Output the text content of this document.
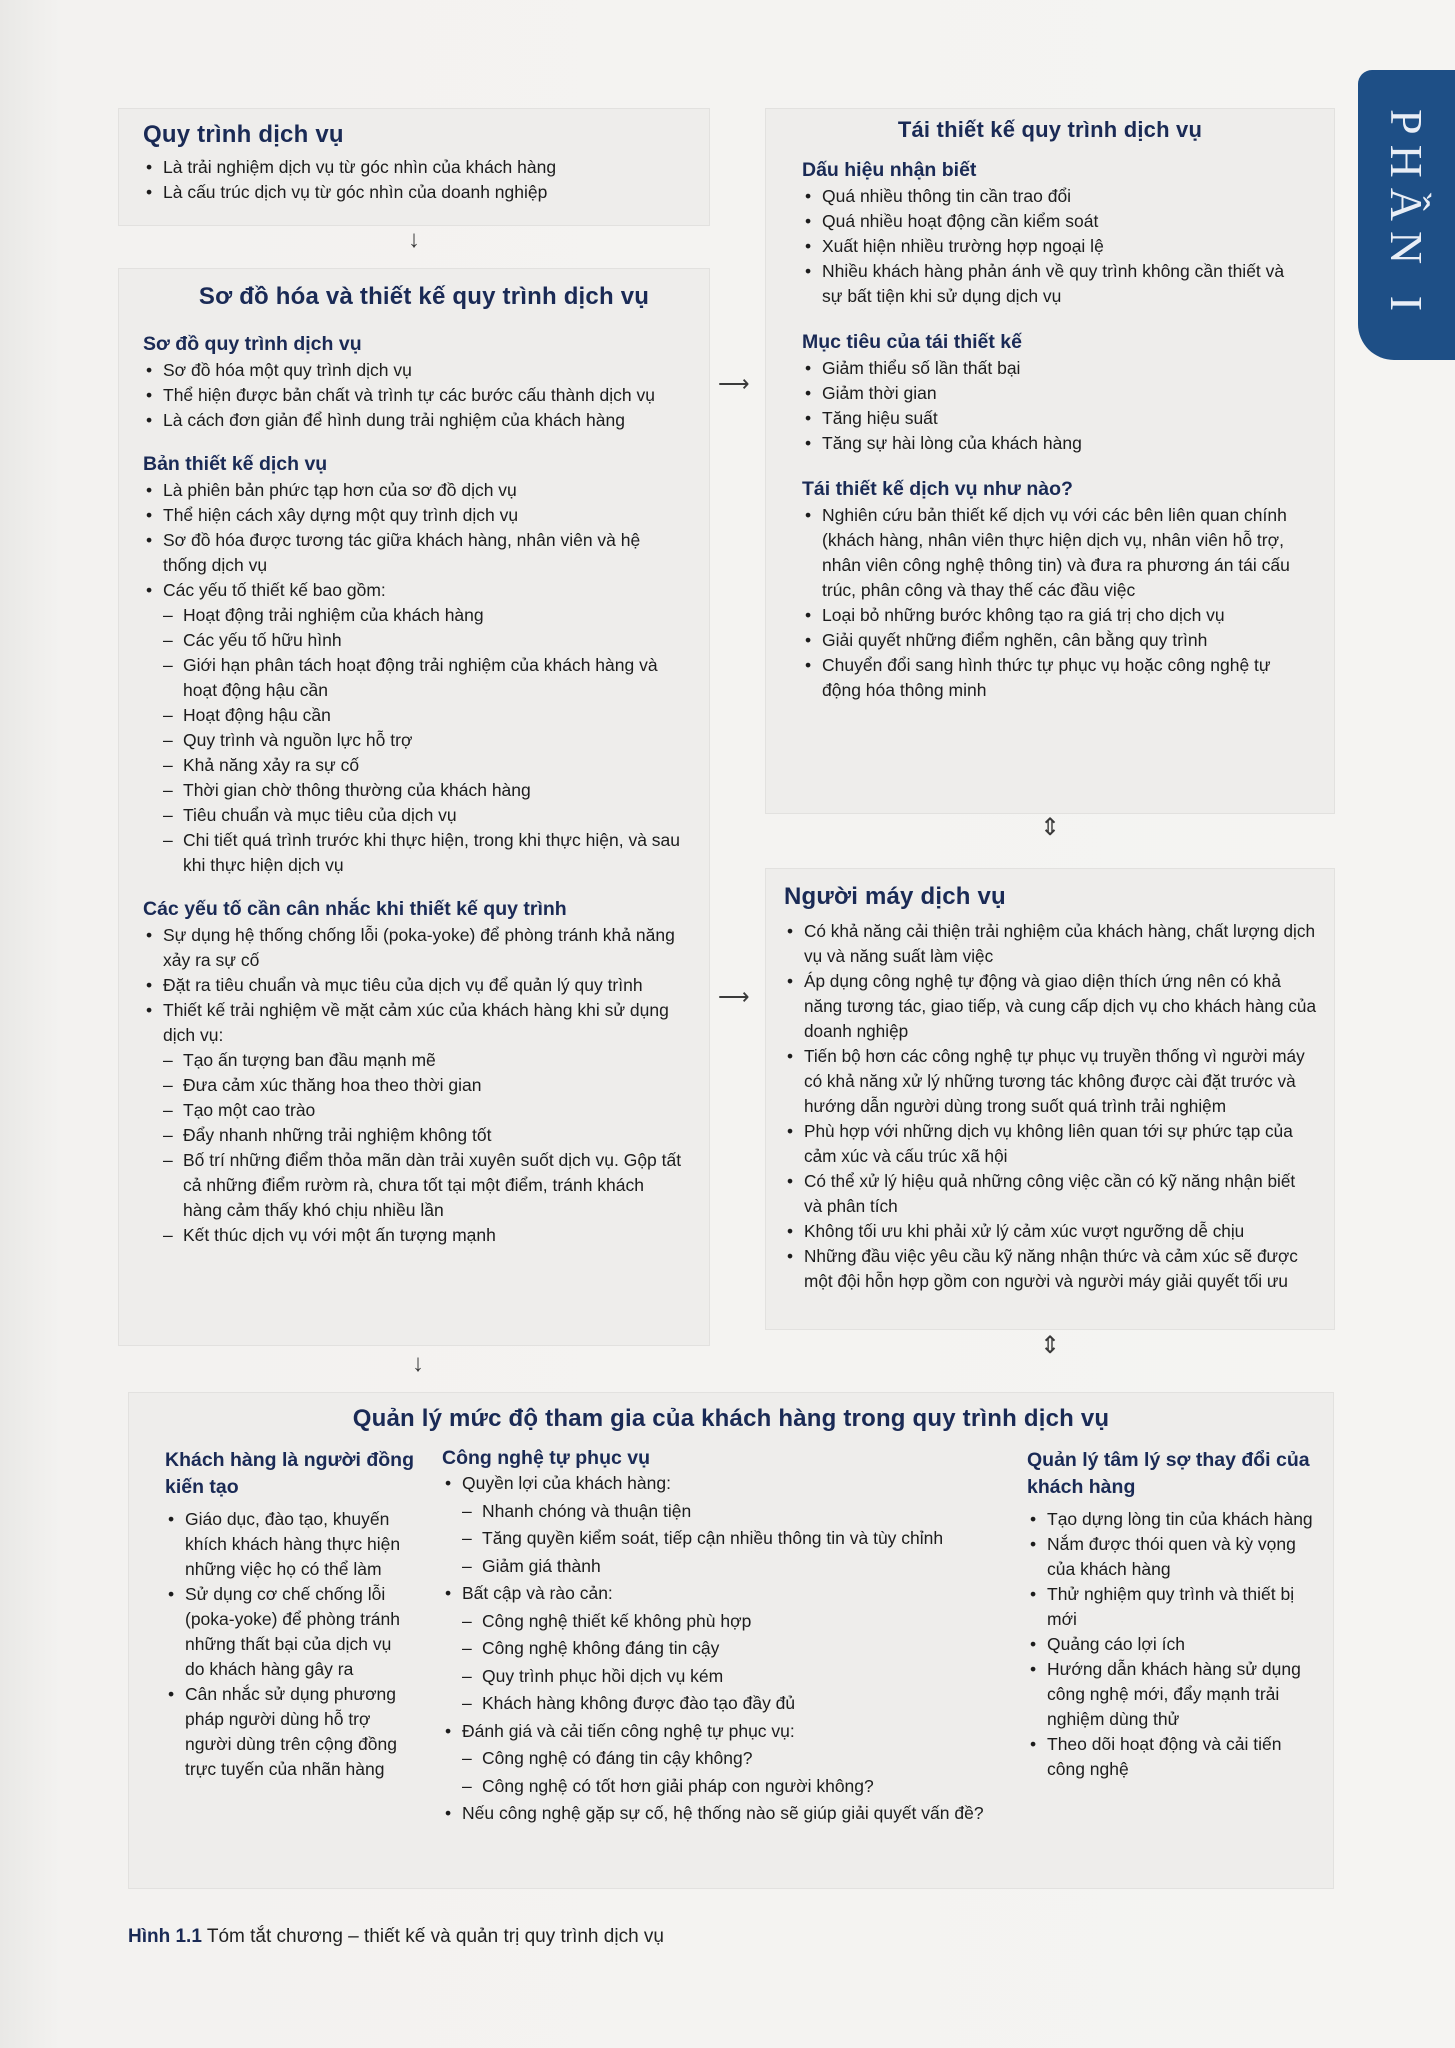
PHẦN I
Quy trình dịch vụ
• Là trải nghiệm dịch vụ từ góc nhìn của khách hàng
• Là cấu trúc dịch vụ từ góc nhìn của doanh nghiệp
↓
Sơ đồ hóa và thiết kế quy trình dịch vụ
Sơ đồ quy trình dịch vụ
• Sơ đồ hóa một quy trình dịch vụ
• Thể hiện được bản chất và trình tự các bước cấu thành dịch vụ
• Là cách đơn giản để hình dung trải nghiệm của khách hàng
Bản thiết kế dịch vụ
• Là phiên bản phức tạp hơn của sơ đồ dịch vụ
• Thể hiện cách xây dựng một quy trình dịch vụ
• Sơ đồ hóa được tương tác giữa khách hàng, nhân viên và hệ thống dịch vụ
• Các yếu tố thiết kế bao gồm:
– Hoạt động trải nghiệm của khách hàng
– Các yếu tố hữu hình
– Giới hạn phân tách hoạt động trải nghiệm của khách hàng và hoạt động hậu cần
– Hoạt động hậu cần
– Quy trình và nguồn lực hỗ trợ
– Khả năng xảy ra sự cố
– Thời gian chờ thông thường của khách hàng
– Tiêu chuẩn và mục tiêu của dịch vụ
– Chi tiết quá trình trước khi thực hiện, trong khi thực hiện, và sau khi thực hiện dịch vụ
Các yếu tố cần cân nhắc khi thiết kế quy trình
• Sự dụng hệ thống chống lỗi (poka-yoke) để phòng tránh khả năng xảy ra sự cố
• Đặt ra tiêu chuẩn và mục tiêu của dịch vụ để quản lý quy trình
• Thiết kế trải nghiệm về mặt cảm xúc của khách hàng khi sử dụng dịch vụ:
– Tạo ấn tượng ban đầu mạnh mẽ
– Đưa cảm xúc thăng hoa theo thời gian
– Tạo một cao trào
– Đẩy nhanh những trải nghiệm không tốt
– Bố trí những điểm thỏa mãn dàn trải xuyên suốt dịch vụ. Gộp tất cả những điểm rườm rà, chưa tốt tại một điểm, tránh khách hàng cảm thấy khó chịu nhiều lần
– Kết thúc dịch vụ với một ấn tượng mạnh
⟶
⟶
Tái thiết kế quy trình dịch vụ
Dấu hiệu nhận biết
• Quá nhiều thông tin cần trao đổi
• Quá nhiều hoạt động cần kiểm soát
• Xuất hiện nhiều trường hợp ngoại lệ
• Nhiều khách hàng phản ánh về quy trình không cần thiết và sự bất tiện khi sử dụng dịch vụ
Mục tiêu của tái thiết kế
• Giảm thiểu số lần thất bại
• Giảm thời gian
• Tăng hiệu suất
• Tăng sự hài lòng của khách hàng
Tái thiết kế dịch vụ như nào?
• Nghiên cứu bản thiết kế dịch vụ với các bên liên quan chính (khách hàng, nhân viên thực hiện dịch vụ, nhân viên hỗ trợ, nhân viên công nghệ thông tin) và đưa ra phương án tái cấu trúc, phân công và thay thế các đầu việc
• Loại bỏ những bước không tạo ra giá trị cho dịch vụ
• Giải quyết những điểm nghẽn, cân bằng quy trình
• Chuyển đổi sang hình thức tự phục vụ hoặc công nghệ tự động hóa thông minh
⇕
Người máy dịch vụ
• Có khả năng cải thiện trải nghiệm của khách hàng, chất lượng dịch vụ và năng suất làm việc
• Áp dụng công nghệ tự động và giao diện thích ứng nên có khả năng tương tác, giao tiếp, và cung cấp dịch vụ cho khách hàng của doanh nghiệp
• Tiến bộ hơn các công nghệ tự phục vụ truyền thống vì người máy có khả năng xử lý những tương tác không được cài đặt trước và hướng dẫn người dùng trong suốt quá trình trải nghiệm
• Phù hợp với những dịch vụ không liên quan tới sự phức tạp của cảm xúc và cấu trúc xã hội
• Có thể xử lý hiệu quả những công việc cần có kỹ năng nhận biết và phân tích
• Không tối ưu khi phải xử lý cảm xúc vượt ngưỡng dễ chịu
• Những đầu việc yêu cầu kỹ năng nhận thức và cảm xúc sẽ được một đội hỗn hợp gồm con người và người máy giải quyết tối ưu
↓
⇕
Quản lý mức độ tham gia của khách hàng trong quy trình dịch vụ
Khách hàng là người đồng kiến tạo
• Giáo dục, đào tạo, khuyến khích khách hàng thực hiện những việc họ có thể làm
• Sử dụng cơ chế chống lỗi (poka-yoke) để phòng tránh những thất bại của dịch vụ do khách hàng gây ra
• Cân nhắc sử dụng phương pháp người dùng hỗ trợ người dùng trên cộng đồng trực tuyến của nhãn hàng
Công nghệ tự phục vụ
• Quyền lợi của khách hàng:
– Nhanh chóng và thuận tiện
– Tăng quyền kiểm soát, tiếp cận nhiều thông tin và tùy chỉnh
– Giảm giá thành
• Bất cập và rào cản:
– Công nghệ thiết kế không phù hợp
– Công nghệ không đáng tin cậy
– Quy trình phục hồi dịch vụ kém
– Khách hàng không được đào tạo đầy đủ
• Đánh giá và cải tiến công nghệ tự phục vụ:
– Công nghệ có đáng tin cậy không?
– Công nghệ có tốt hơn giải pháp con người không?
• Nếu công nghệ gặp sự cố, hệ thống nào sẽ giúp giải quyết vấn đề?
Quản lý tâm lý sợ thay đổi của khách hàng
• Tạo dựng lòng tin của khách hàng
• Nắm được thói quen và kỳ vọng của khách hàng
• Thử nghiệm quy trình và thiết bị mới
• Quảng cáo lợi ích
• Hướng dẫn khách hàng sử dụng công nghệ mới, đẩy mạnh trải nghiệm dùng thử
• Theo dõi hoạt động và cải tiến công nghệ
Hình 1.1 Tóm tắt chương – thiết kế và quản trị quy trình dịch vụ
